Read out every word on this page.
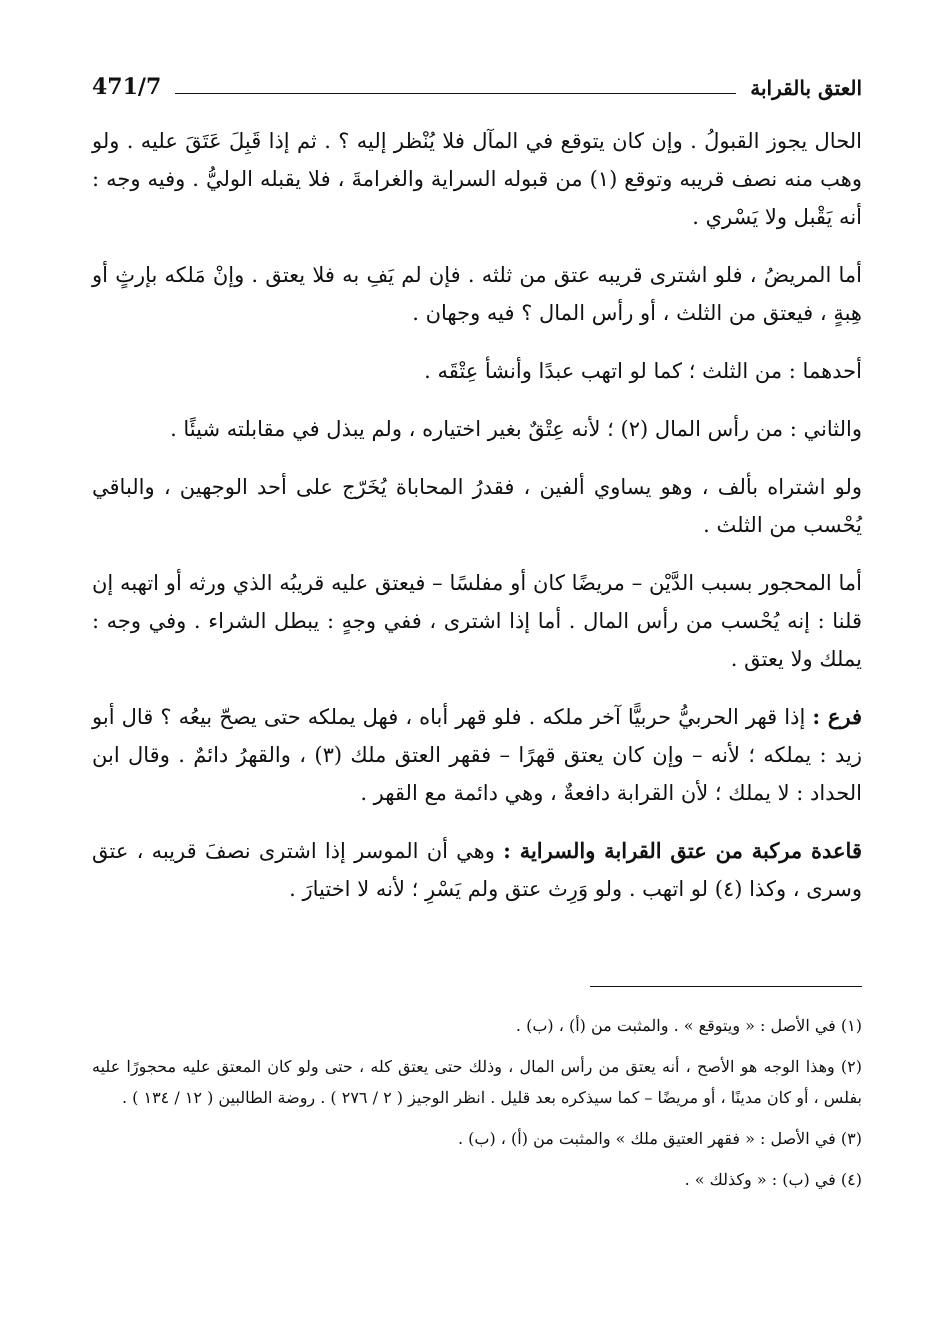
471/7	العتق بالقرابة

الحال يجوز القبولُ . وإن كان يتوقع في المآل فلا يُنْظر إليه ؟ . ثم إذا قَبِلَ عَتَقَ عليه . ولو وهب منه نصف قريبه وتوقع (١) من قبوله السراية والغرامةَ ، فلا يقبله الوليُّ . وفيه وجه : أنه يَقْبل ولا يَسْري .

أما المريضُ ، فلو اشترى قريبه عتق من ثلثه . فإن لم يَفِ به فلا يعتق . وإنْ مَلكه بإرثٍ أو هِبةٍ ، فيعتق من الثلث ، أو رأس المال ؟ فيه وجهان .

أحدهما : من الثلث ؛ كما لو اتهب عبدًا وأنشأ عِتْقَه .

والثاني : من رأس المال (٢) ؛ لأنه عِتْقٌ بغير اختياره ، ولم يبذل في مقابلته شيئًا .

ولو اشتراه بألف ، وهو يساوي ألفين ، فقدرُ المحاباة يُخَرّج على أحد الوجهين ، والباقي يُحْسب من الثلث .

أما المحجور بسبب الدَّيْن – مريضًا كان أو مفلسًا – فيعتق عليه قريبُه الذي ورثه أو اتهبه إن قلنا : إنه يُحْسب من رأس المال . أما إذا اشترى ، ففي وجهٍ : يبطل الشراء . وفي وجه : يملك ولا يعتق .

فرع : إذا قهر الحربيُّ حربيًّا آخر ملكه . فلو قهر أباه ، فهل يملكه حتى يصحّ بيعُه ؟ قال أبو زيد : يملكه ؛ لأنه – وإن كان يعتق قهرًا – فقهر العتق ملك (٣) ، والقهرُ دائمٌ . وقال ابن الحداد : لا يملك ؛ لأن القرابة دافعةٌ ، وهي دائمة مع القهر .

قاعدة مركبة من عتق القرابة والسراية : وهي أن الموسر إذا اشترى نصفَ قريبه ، عتق وسرى ، وكذا (٤) لو اتهب . ولو وَرِث عتق ولم يَسْرِ ؛ لأنه لا اختيارَ .

(١) في الأصل : « ويتوقع » . والمثبت من (أ) ، (ب) .

(٢) وهذا الوجه هو الأصح ، أنه يعتق من رأس المال ، وذلك حتى يعتق كله ، حتى ولو كان المعتق عليه محجورًا عليه بفلس ، أو كان مدينًا ، أو مريضًا – كما سيذكره بعد قليل . انظر الوجيز ( ٢ / ٢٧٦ ) . روضة الطالبين ( ١٢ / ١٣٤ ) .

(٣) في الأصل : « فقهر العتيق ملك » والمثبت من (أ) ، (ب) .

(٤) في (ب) : « وكذلك » .
